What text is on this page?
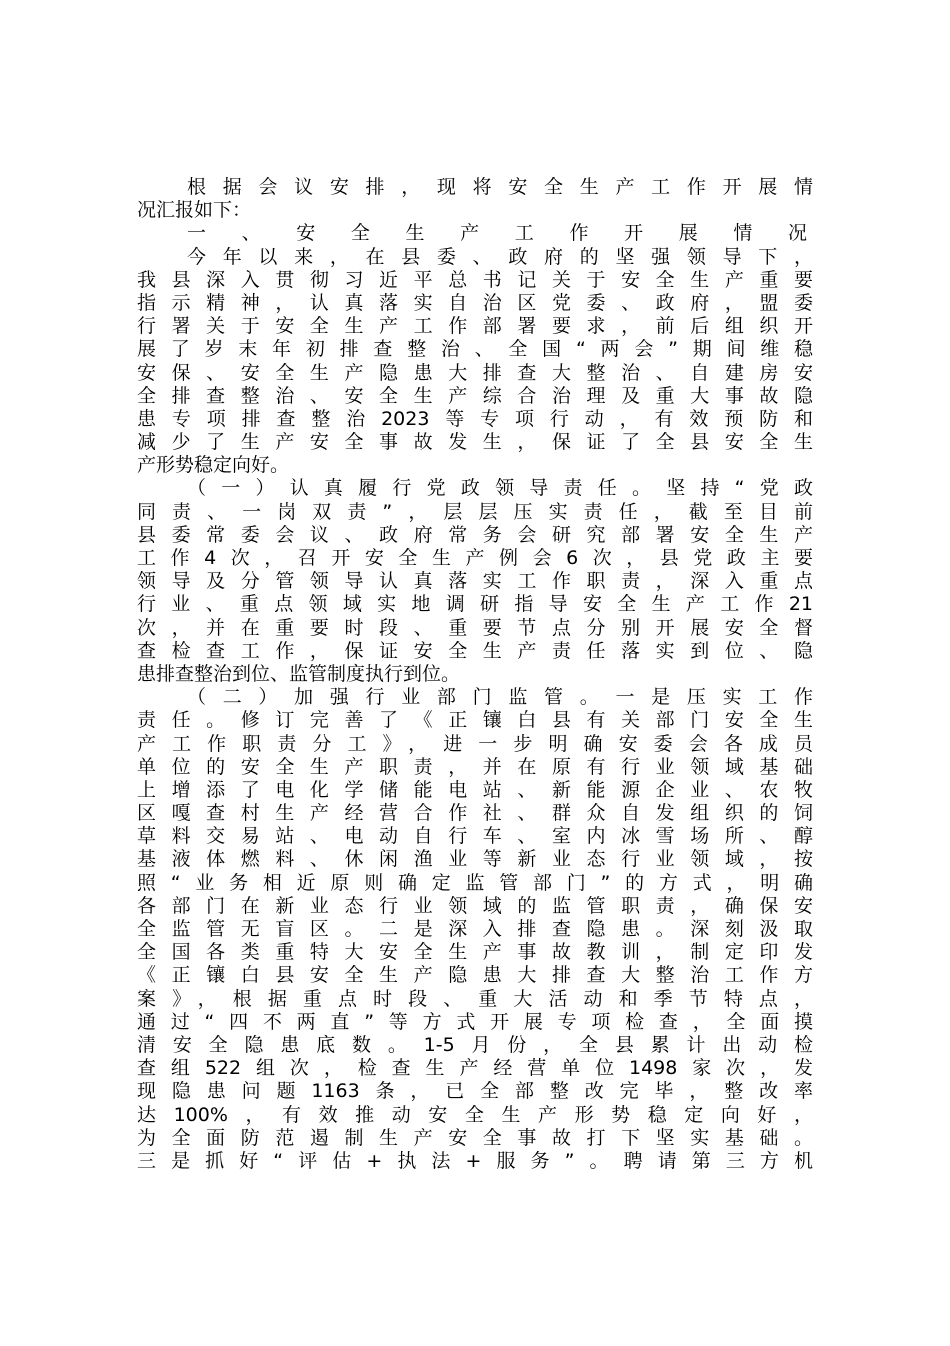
根据会议安排，现将安全生产工作开展情
况汇报如下：
一、安全生产工作开展情况
今年以来，在县委、政府的坚强领导下，
我县深入贯彻习近平总书记关于安全生产重要
指示精神，认真落实自治区党委、政府，盟委
行署关于安全生产工作部署要求，前后组织开
展了岁末年初排查整治、全国“两会”期间维稳
安保、安全生产隐患大排查大整治、自建房安
全排查整治、安全生产综合治理及重大事故隐
患专项排查整治2023等专项行动，有效预防和
减少了生产安全事故发生，保证了全县安全生
产形势稳定向好。
（一）认真履行党政领导责任。坚持“党政
同责、一岗双责”，层层压实责任，截至目前
县委常委会议、政府常务会研究部署安全生产
工作4次，召开安全生产例会6次，县党政主要
领导及分管领导认真落实工作职责，深入重点
行业、重点领域实地调研指导安全生产工作21
次，并在重要时段、重要节点分别开展安全督
查检查工作，保证安全生产责任落实到位、隐
患排查整治到位、监管制度执行到位。
（二）加强行业部门监管。一是压实工作
责任。修订完善了《正镶白县有关部门安全生
产工作职责分工》，进一步明确安委会各成员
单位的安全生产职责，并在原有行业领域基础
上增添了电化学储能电站、新能源企业、农牧
区嘎查村生产经营合作社、群众自发组织的饲
草料交易站、电动自行车、室内冰雪场所、醇
基液体燃料、休闲渔业等新业态行业领域，按
照“业务相近原则确定监管部门”的方式，明确
各部门在新业态行业领域的监管职责，确保安
全监管无盲区。二是深入排查隐患。深刻汲取
全国各类重特大安全生产事故教训，制定印发
《正镶白县安全生产隐患大排查大整治工作方
案》，根据重点时段、重大活动和季节特点，
通过“四不两直”等方式开展专项检查，全面摸
清安全隐患底数。1-5月份，全县累计出动检
查组522组次，检查生产经营单位1498家次，发
现隐患问题1163条，已全部整改完毕，整改率
达100%，有效推动安全生产形势稳定向好，
为全面防范遏制生产安全事故打下坚实基础。
三是抓好“评估+执法+服务”。聘请第三方机
